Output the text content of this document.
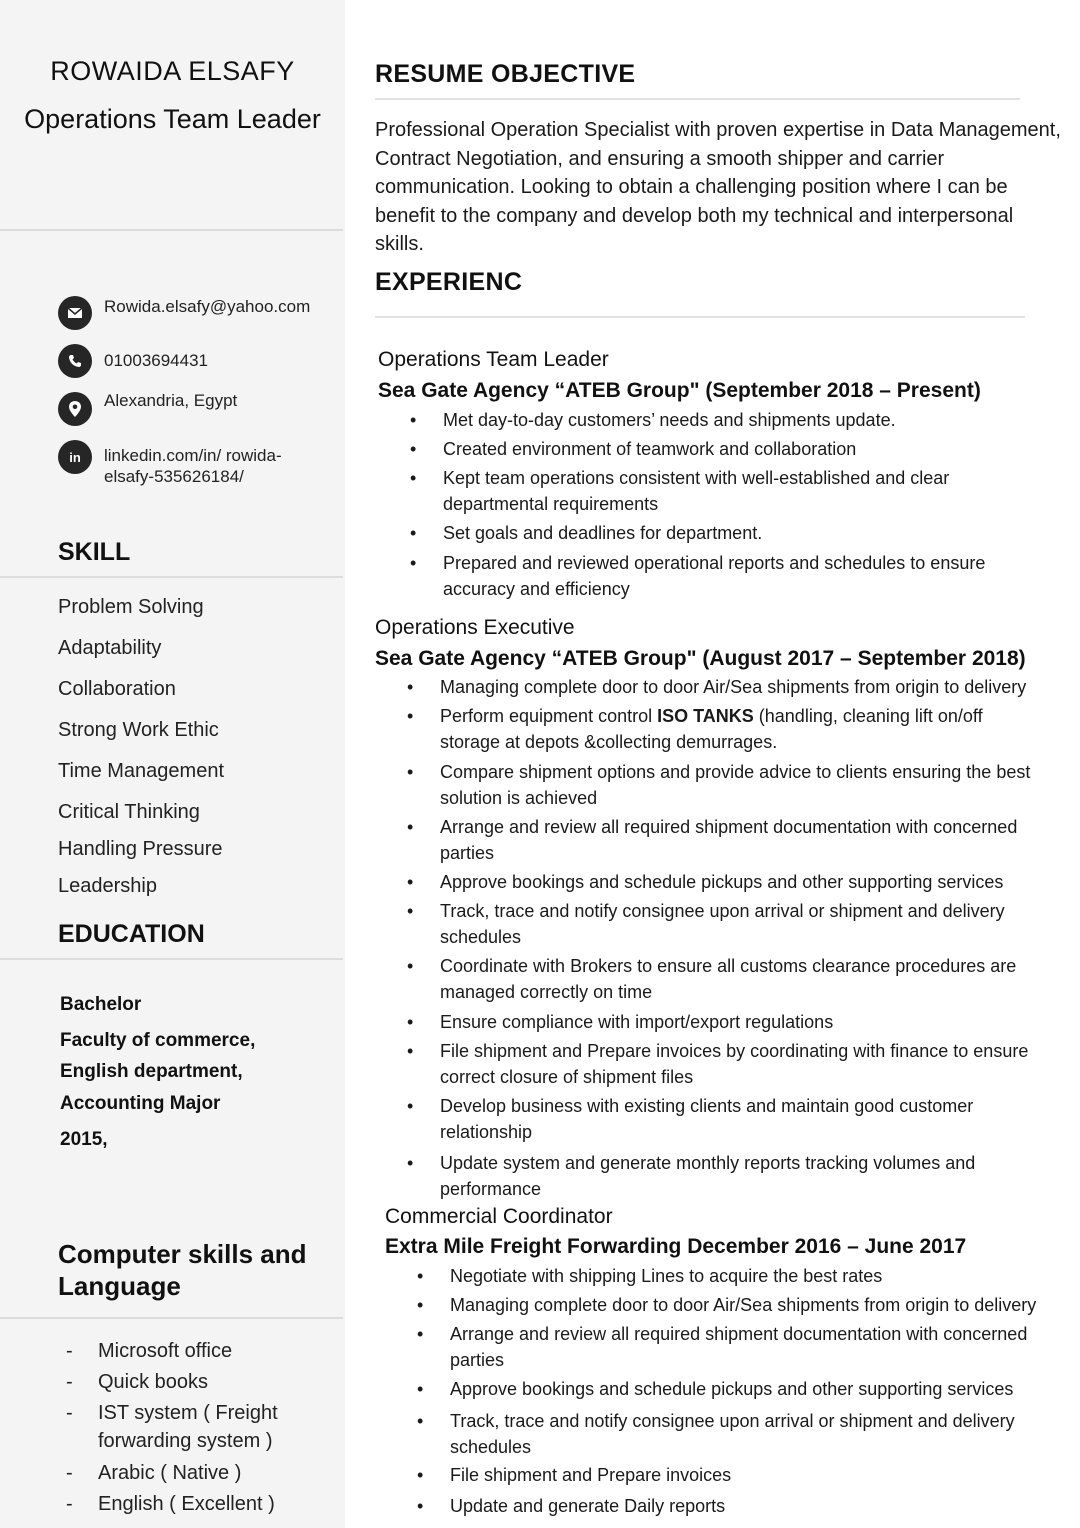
ROWAIDA ELSAFY
Operations Team Leader
Rowida.elsafy@yahoo.com
01003694431
Alexandria, Egypt
in	linkedin.com/in/ rowida-
elsafy-535626184/
SKILL
Problem Solving
Adaptability
Collaboration
Strong Work Ethic
Time Management
Critical Thinking
Handling Pressure
Leadership
EDUCATION
Bachelor
Faculty of commerce,
English department,
Accounting Major
2015,
Computer skills and
Language
- Microsoft office
- Quick books
- IST system ( Freight forwarding system )
- Arabic ( Native )
- English ( Excellent )
RESUME OBJECTIVE
Professional Operation Specialist with proven expertise in Data Management, Contract Negotiation, and ensuring a smooth shipper and carrier communication. Looking to obtain a challenging position where I can be benefit to the company and develop both my technical and interpersonal skills.
EXPERIENC
Operations Team Leader
Sea Gate Agency “ATEB Group" (September 2018 – Present)
• Met day-to-day customers’ needs and shipments update.
• Created environment of teamwork and collaboration
• Kept team operations consistent with well-established and clear departmental requirements
• Set goals and deadlines for department.
• Prepared and reviewed operational reports and schedules to ensure accuracy and efficiency
Operations Executive
Sea Gate Agency “ATEB Group" (August 2017 – September 2018)
• Managing complete door to door Air/Sea shipments from origin to delivery
• Perform equipment control ISO TANKS (handling, cleaning lift on/off storage at depots &collecting demurrages.
• Compare shipment options and provide advice to clients ensuring the best solution is achieved
• Arrange and review all required shipment documentation with concerned parties
• Approve bookings and schedule pickups and other supporting services
• Track, trace and notify consignee upon arrival or shipment and delivery schedules
• Coordinate with Brokers to ensure all customs clearance procedures are managed correctly on time
• Ensure compliance with import/export regulations
• File shipment and Prepare invoices by coordinating with finance to ensure correct closure of shipment files
• Develop business with existing clients and maintain good customer relationship
• Update system and generate monthly reports tracking volumes and performance
Commercial Coordinator
Extra Mile Freight Forwarding December 2016 – June 2017
• Negotiate with shipping Lines to acquire the best rates
• Managing complete door to door Air/Sea shipments from origin to delivery
• Arrange and review all required shipment documentation with concerned parties
• Approve bookings and schedule pickups and other supporting services
• Track, trace and notify consignee upon arrival or shipment and delivery schedules
• File shipment and Prepare invoices
• Update and generate Daily reports
